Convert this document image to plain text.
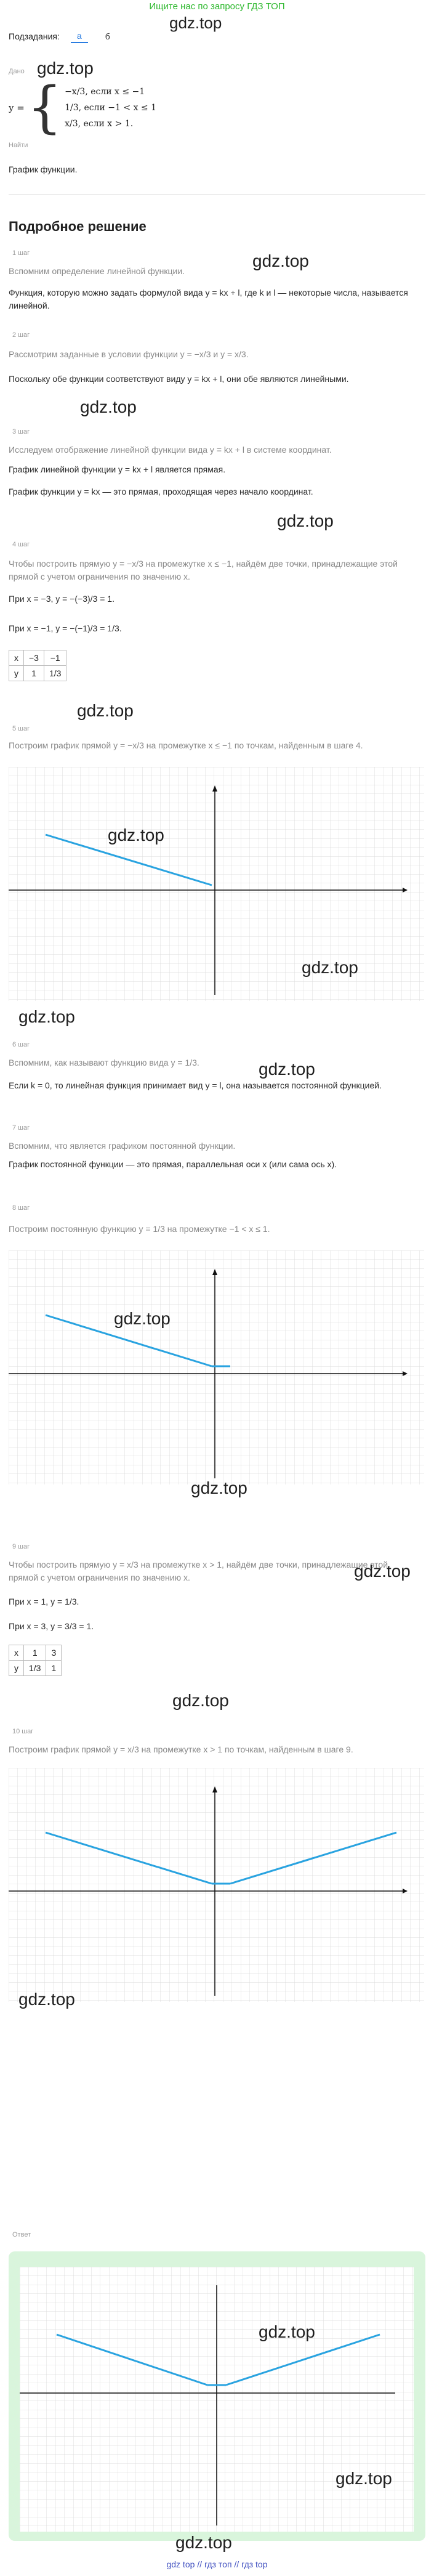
Ищите нас по запросу ГДЗ ТОП
gdz.top
Подзадания:	а	б
Дано gdz.top
y = { −x/3, если x ≤ −1
1/3, если −1 < x ≤ 1
x/3, если x > 1.
Найти
График функции.
Подробное решение
1 шаг	gdz.top
Вспомним определение линейной функции.
Функция, которую можно задать формулой вида y = kx + l, где k и l — некоторые числа, называется линейной.
2 шаг
Рассмотрим заданные в условии функции y = −x/3 и y = x/3.
Поскольку обе функции соответствуют виду y = kx + l, они обе являются линейными.
gdz.top
3 шаг
Исследуем отображение линейной функции вида y = kx + l в системе координат.
График линейной функции y = kx + l является прямая.
График функции y = kx — это прямая, проходящая через начало координат.
gdz.top
4 шаг
Чтобы построить прямую y = −x/3 на промежутке x ≤ −1, найдём две точки, принадлежащие этой прямой с учетом ограничения по значению x.
При x = −3, y = −(−3)/3 = 1.
При x = −1, y = −(−1)/3 = 1/3.
x	−3	−1
y	1	1/3
gdz.top
5 шаг
Построим график прямой y = −x/3 на промежутке x ≤ −1 по точкам, найденным в шаге 4.
gdz.top
gdz.top
gdz.top
6 шаг
Вспомним, как называют функцию вида y = 1/3.	gdz.top
Если k = 0, то линейная функция принимает вид y = l, она называется постоянной функцией.
7 шаг
Вспомним, что является графиком постоянной функции.
График постоянной функции — это прямая, параллельная оси x (или сама ось x).
8 шаг
Построим постоянную функцию y = 1/3 на промежутке −1 < x ≤ 1.
gdz.top
gdz.top
9 шаг
Чтобы построить прямую y = x/3 на промежутке x > 1, найдём две точки, принадлежащие этой прямой с учетом ограничения по значению x.	gdz.top
При x = 1, y = 1/3.
При x = 3, y = 3/3 = 1.
x	1	3
y	1/3	1
gdz.top
10 шаг
Построим график прямой y = x/3 на промежутке x > 1 по точкам, найденным в шаге 9.
gdz.top
Ответ
gdz.top
gdz.top
gdz.top
gdz top // гдз топ // гдз top
